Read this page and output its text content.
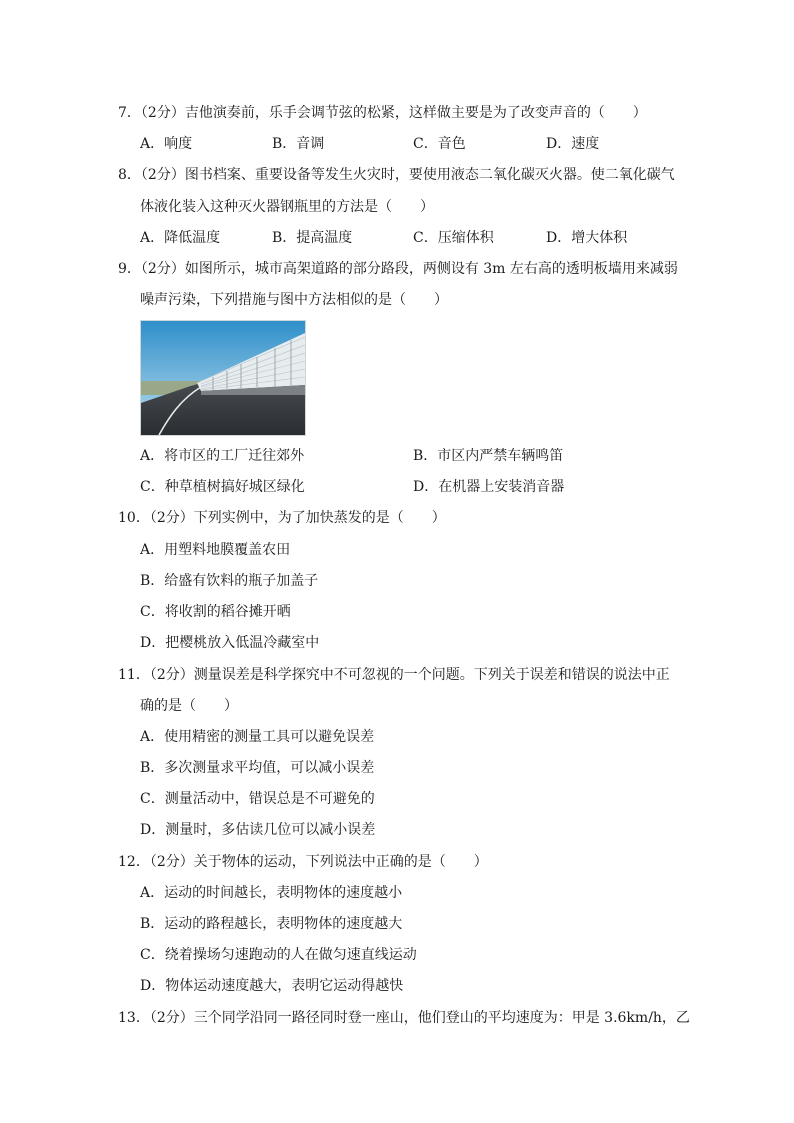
7．（2分）吉他演奏前，乐手会调节弦的松紧，这样做主要是为了改变声音的（　　）
A．响度	B．音调	C．音色	D．速度
8．（2分）图书档案、重要设备等发生火灾时，要使用液态二氧化碳灭火器。使二氧化碳气
体液化装入这种灭火器钢瓶里的方法是（　　）
A．降低温度	B．提高温度	C．压缩体积	D．增大体积
9．（2分）如图所示，城市高架道路的部分路段，两侧设有 3m 左右高的透明板墙用来减弱
噪声污染，下列措施与图中方法相似的是（　　）
A．将市区的工厂迁往郊外	B．市区内严禁车辆鸣笛
C．种草植树搞好城区绿化	D．在机器上安装消音器
10．（2分）下列实例中，为了加快蒸发的是（　　）
A．用塑料地膜覆盖农田
B．给盛有饮料的瓶子加盖子
C．将收割的稻谷摊开晒
D．把樱桃放入低温冷藏室中
11．（2分）测量误差是科学探究中不可忽视的一个问题。下列关于误差和错误的说法中正
确的是（　　）
A．使用精密的测量工具可以避免误差
B．多次测量求平均值，可以减小误差
C．测量活动中，错误总是不可避免的
D．测量时，多估读几位可以减小误差
12．（2分）关于物体的运动，下列说法中正确的是（　　）
A．运动的时间越长，表明物体的速度越小
B．运动的路程越长，表明物体的速度越大
C．绕着操场匀速跑动的人在做匀速直线运动
D．物体运动速度越大，表明它运动得越快
13．（2分）三个同学沿同一路径同时登一座山，他们登山的平均速度为：甲是 3.6km/h，乙
